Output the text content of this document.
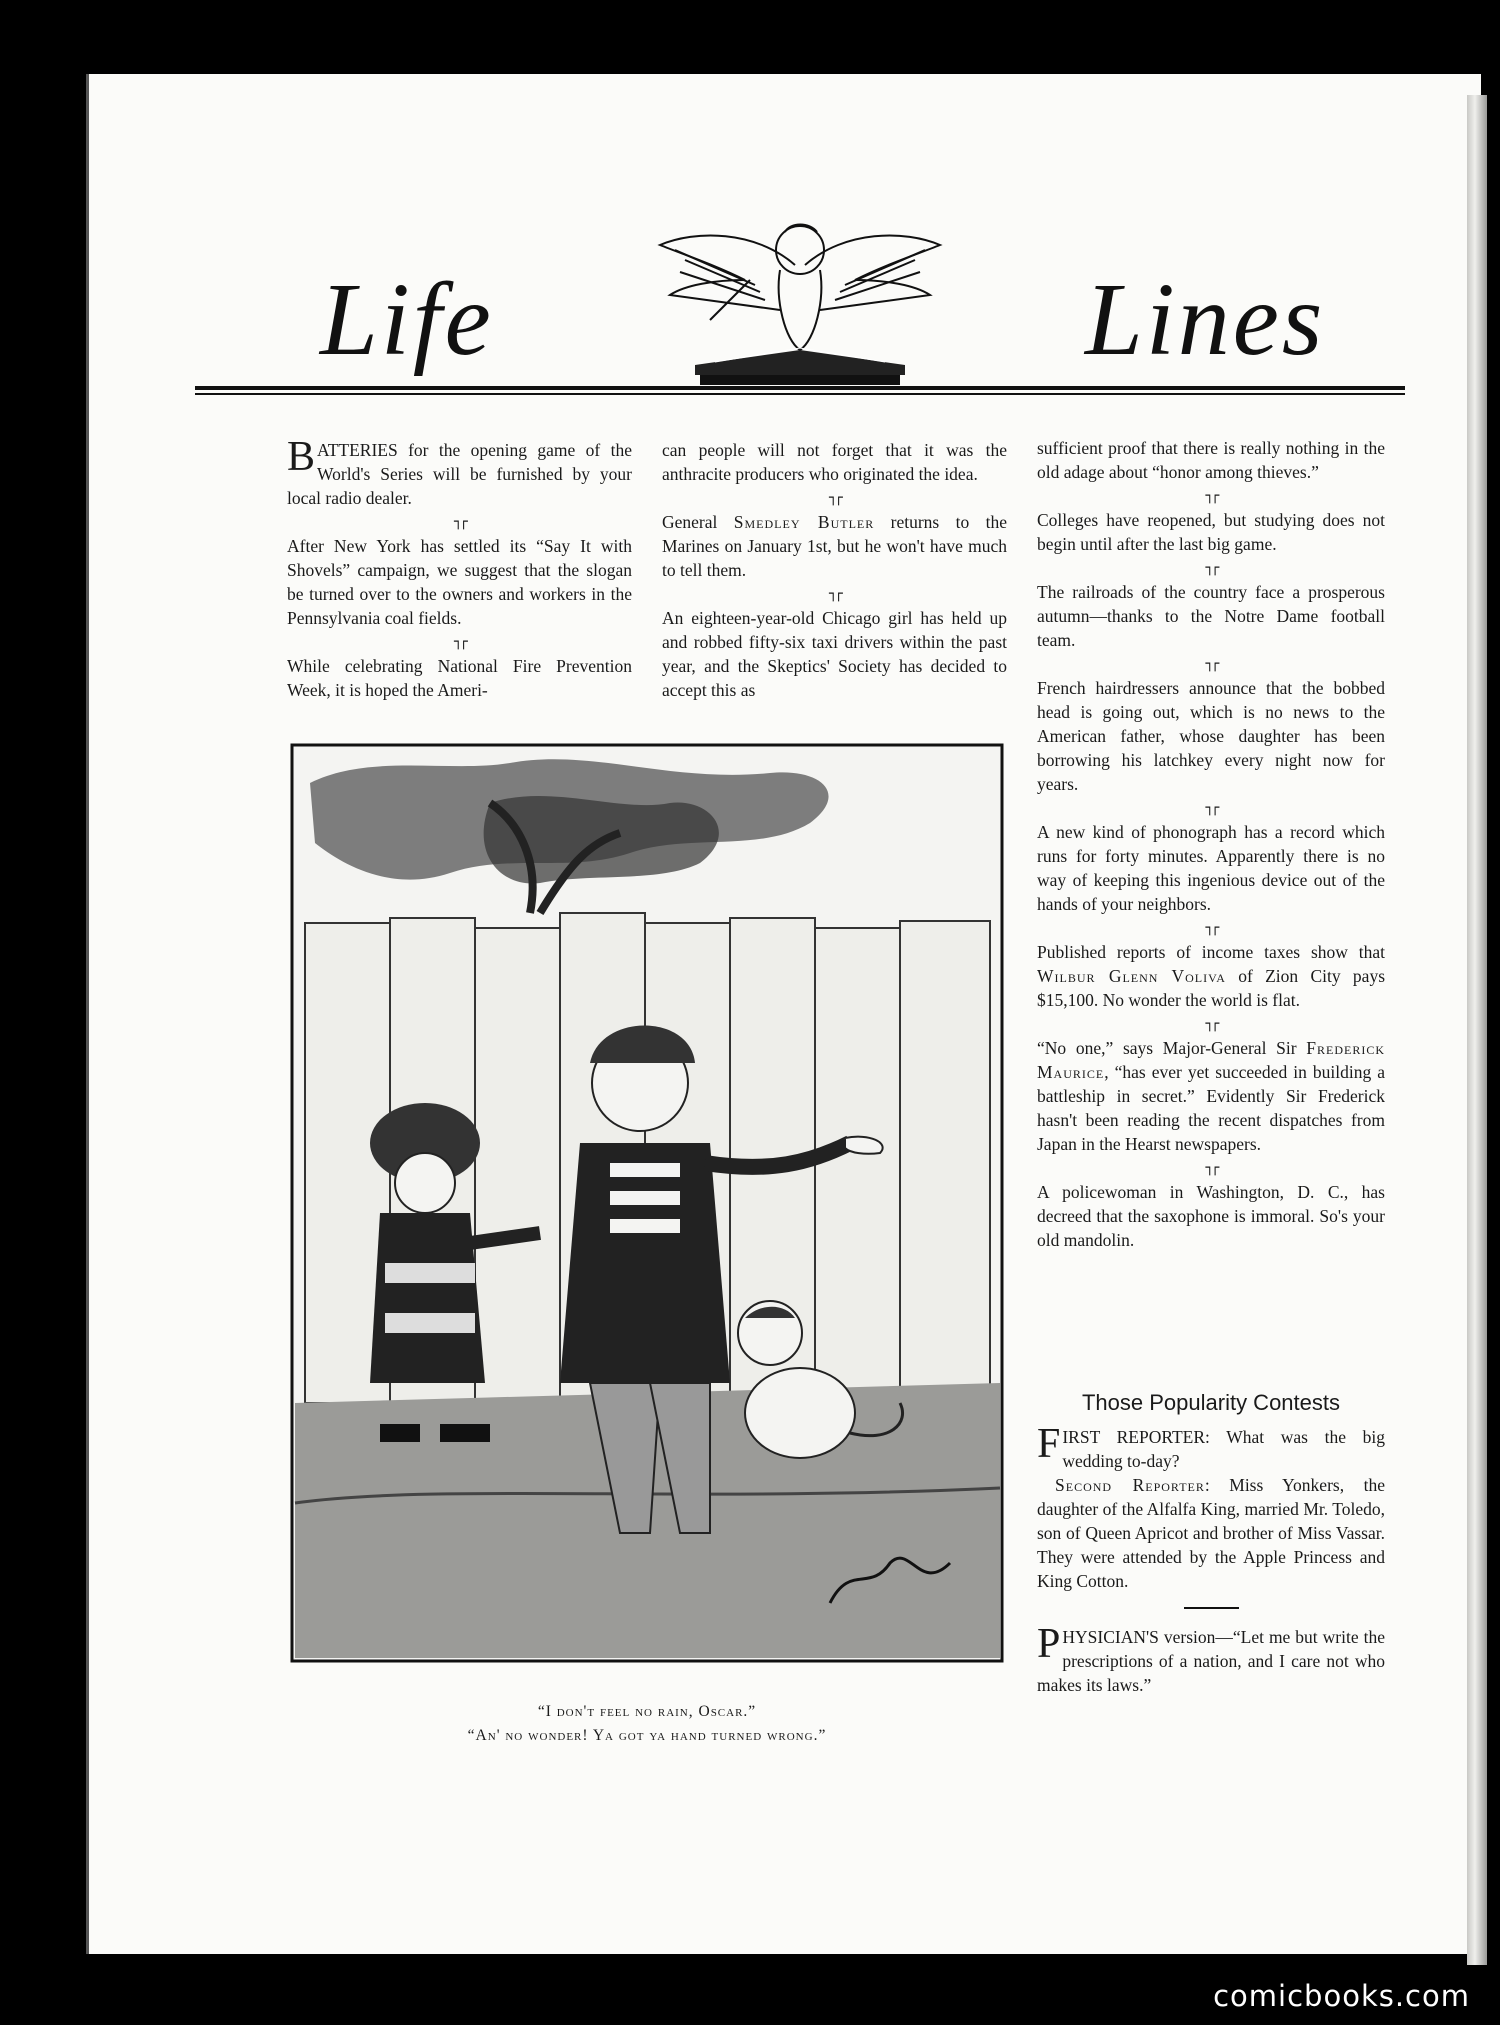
Life	Lines

BATTERIES for the opening game of the World's Series will be furnished by your local radio dealer.

┐┌

After New York has settled its “Say It with Shovels” campaign, we suggest that the slogan be turned over to the owners and workers in the Pennsylvania coal fields.

┐┌

While celebrating National Fire Prevention Week, it is hoped the Ameri-

can people will not forget that it was the anthracite producers who originated the idea.

┐┌

General Smedley Butler returns to the Marines on January 1st, but he won't have much to tell them.

┐┌

An eighteen-year-old Chicago girl has held up and robbed fifty-six taxi drivers within the past year, and the Skeptics' Society has decided to accept this as

sufficient proof that there is really nothing in the old adage about “honor among thieves.”

┐┌

Colleges have reopened, but studying does not begin until after the last big game.

┐┌

The railroads of the country face a prosperous autumn—thanks to the Notre Dame football team.

┐┌

French hairdressers announce that the bobbed head is going out, which is no news to the American father, whose daughter has been borrowing his latchkey every night now for years.

┐┌

A new kind of phonograph has a record which runs for forty minutes. Apparently there is no way of keeping this ingenious device out of the hands of your neighbors.

┐┌

Published reports of income taxes show that Wilbur Glenn Voliva of Zion City pays $15,100. No wonder the world is flat.

┐┌

“No one,” says Major-General Sir Frederick Maurice, “has ever yet succeeded in building a battleship in secret.” Evidently Sir Frederick hasn't been reading the recent dispatches from Japan in the Hearst newspapers.

┐┌

A policewoman in Washington, D. C., has decreed that the saxophone is immoral. So's your old mandolin.

“I don't feel no rain, Oscar.”
“An' no wonder! Ya got ya hand turned wrong.”
Those Popularity Contests

FIRST REPORTER: What was the big wedding to-day?

Second Reporter: Miss Yonkers, the daughter of the Alfalfa King, married Mr. Toledo, son of Queen Apricot and brother of Miss Vassar. They were attended by the Apple Princess and King Cotton.

PHYSICIAN'S version—“Let me but write the prescriptions of a nation, and I care not who makes its laws.”

comicbooks.com
